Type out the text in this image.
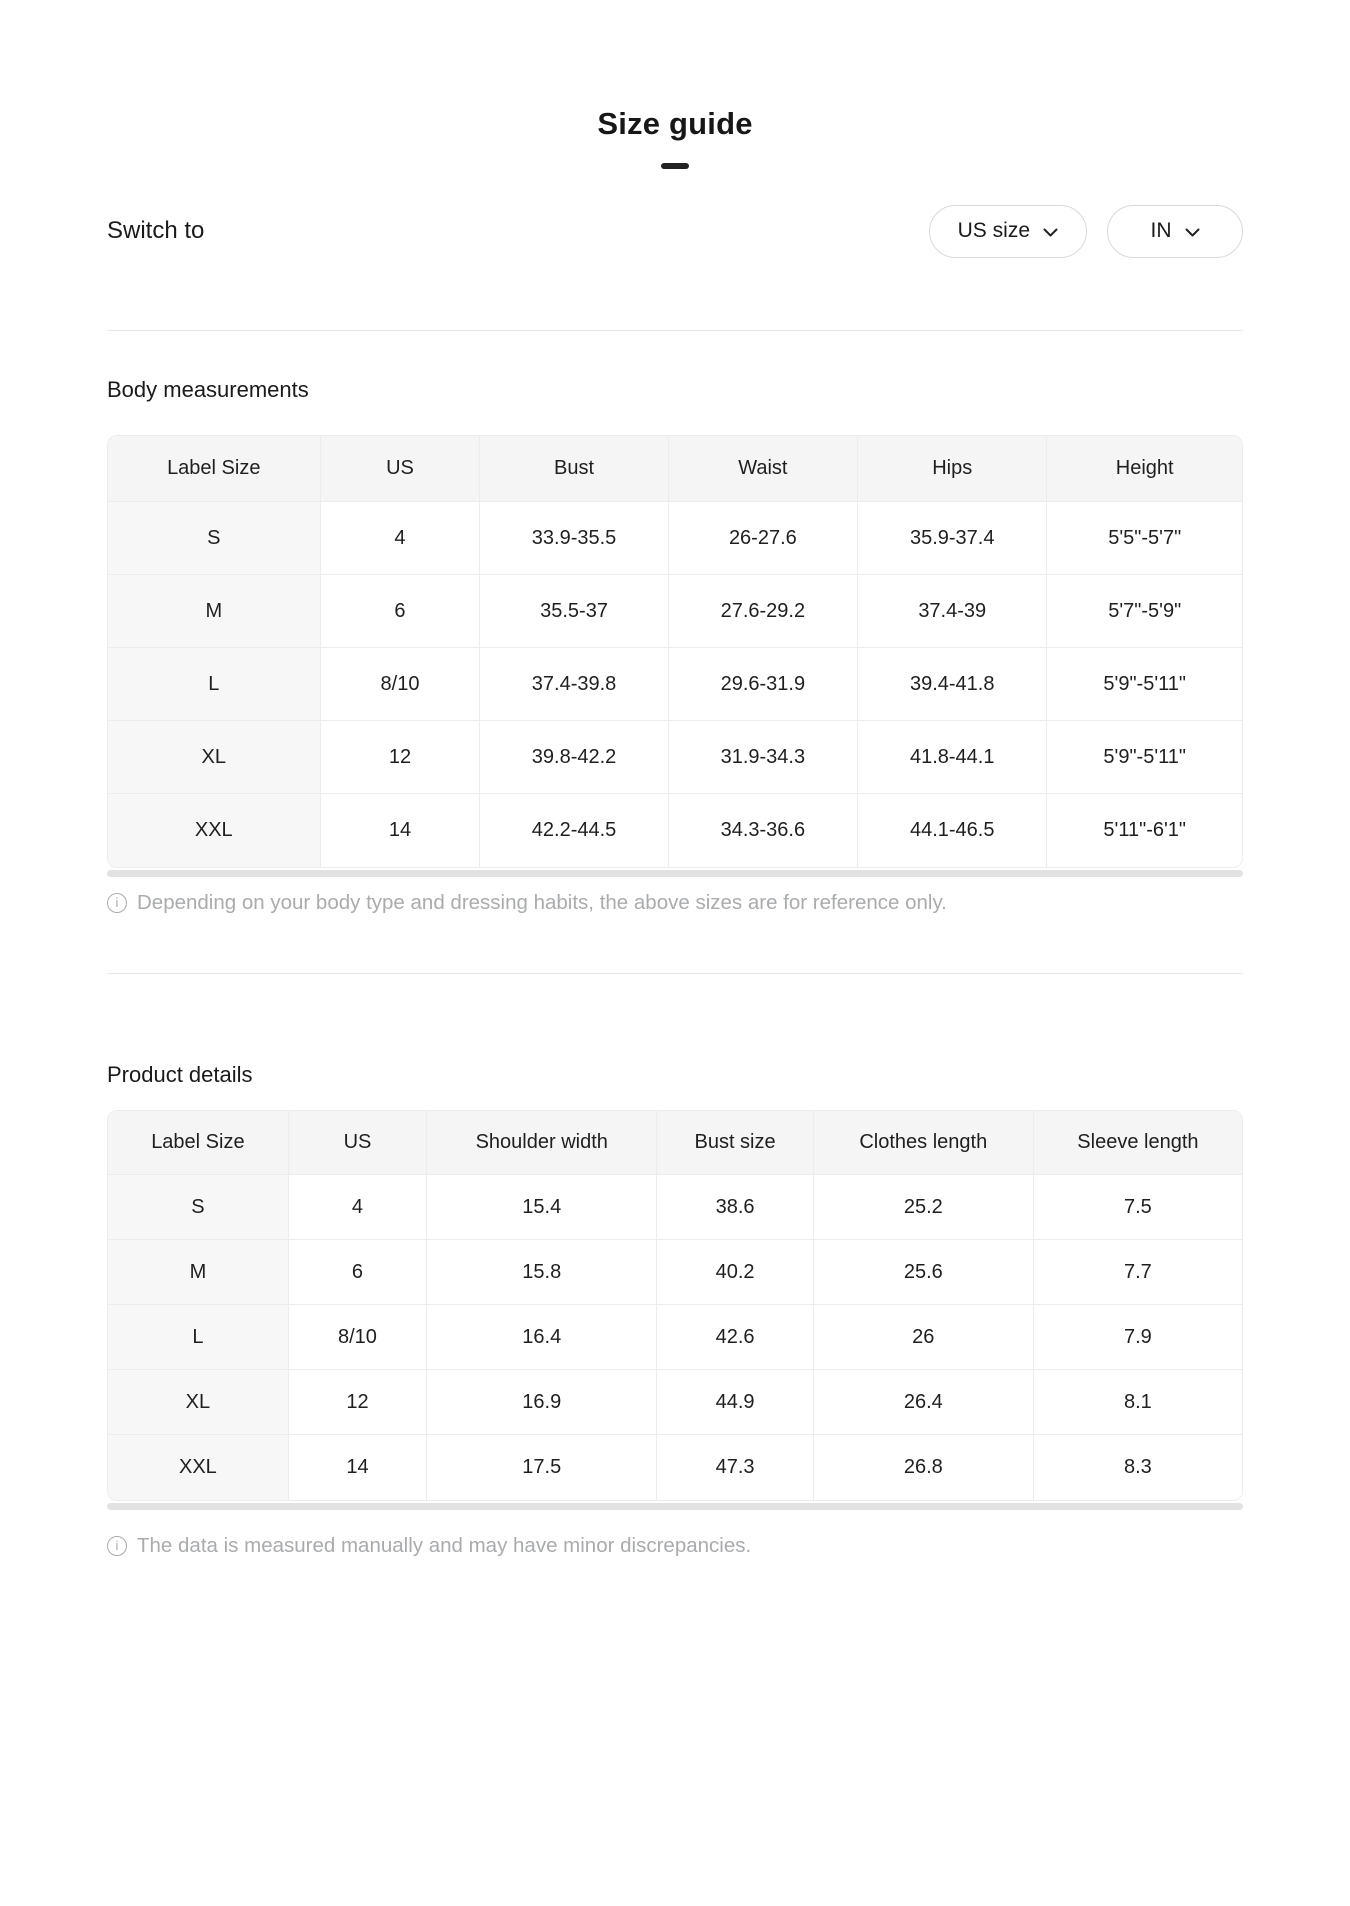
Size guide
Switch to	US size	IN
Body measurements
Label Size	US	Bust	Waist	Hips	Height
S	4	33.9-35.5	26-27.6	35.9-37.4	5'5"-5'7"
M	6	35.5-37	27.6-29.2	37.4-39	5'7"-5'9"
L	8/10	37.4-39.8	29.6-31.9	39.4-41.8	5'9"-5'11"
XL	12	39.8-42.2	31.9-34.3	41.8-44.1	5'9"-5'11"
XXL	14	42.2-44.5	34.3-36.6	44.1-46.5	5'11"-6'1"
i Depending on your body type and dressing habits, the above sizes are for reference only.
Product details
Label Size	US	Shoulder width	Bust size	Clothes length	Sleeve length
S	4	15.4	38.6	25.2	7.5
M	6	15.8	40.2	25.6	7.7
L	8/10	16.4	42.6	26	7.9
XL	12	16.9	44.9	26.4	8.1
XXL	14	17.5	47.3	26.8	8.3
i The data is measured manually and may have minor discrepancies.
